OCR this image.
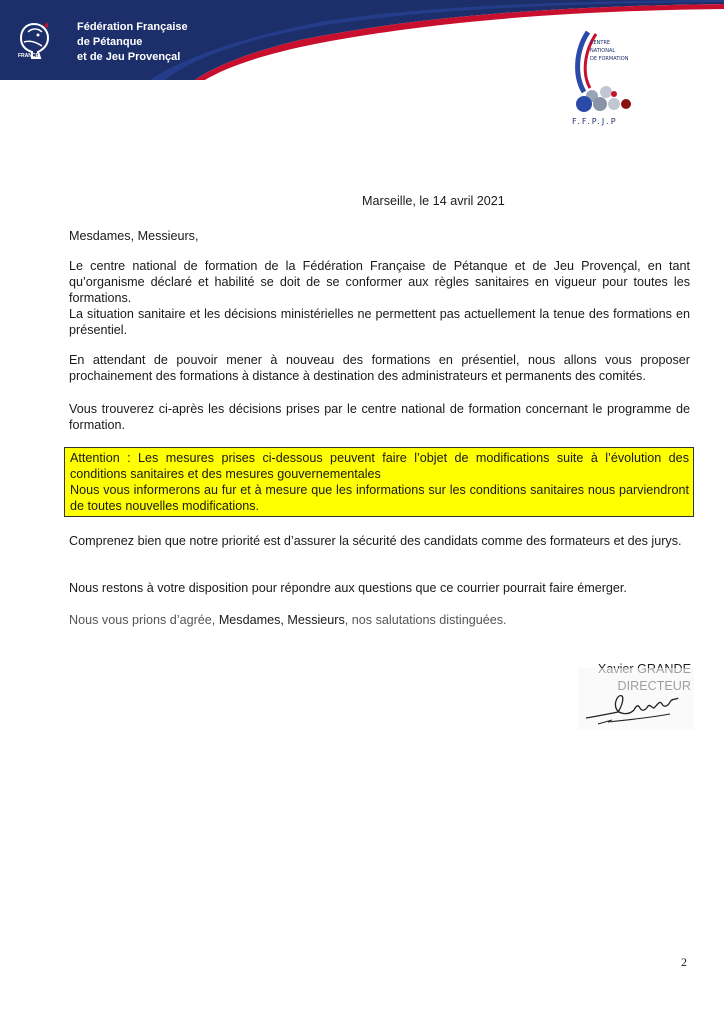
FRANCE
Fédération Française
de Pétanque
et de Jeu Provençal
CENTRE
NATIONAL
DE FORMATION
F.F.P.J.P
Marseille, le 14 avril 2021
Mesdames, Messieurs,
Le centre national de formation de la Fédération Française de Pétanque et de Jeu Provençal, en tant qu’organisme déclaré et habilité se doit de se conformer aux règles sanitaires en vigueur pour toutes les formations.
La situation sanitaire et les décisions ministérielles ne permettent pas actuellement la tenue des formations en présentiel.
En attendant de pouvoir mener à nouveau des formations en présentiel, nous allons vous proposer prochainement des formations à distance à destination des administrateurs et permanents des comités.
Vous trouverez ci-après les décisions prises par le centre national de formation concernant le programme de formation.
Attention : Les mesures prises ci-dessous peuvent faire l’objet de modifications suite à l’évolution des conditions sanitaires et des mesures gouvernementales
Nous vous informerons au fur et à mesure que les informations sur les conditions sanitaires nous parviendront de toutes nouvelles modifications.
Comprenez bien que notre priorité est d’assurer la sécurité des candidats comme des formateurs et des jurys.
Nous restons à votre disposition pour répondre aux questions que ce courrier pourrait faire émerger.
Nous vous prions d’agrée, Mesdames, Messieurs, nos salutations distinguées.
2
